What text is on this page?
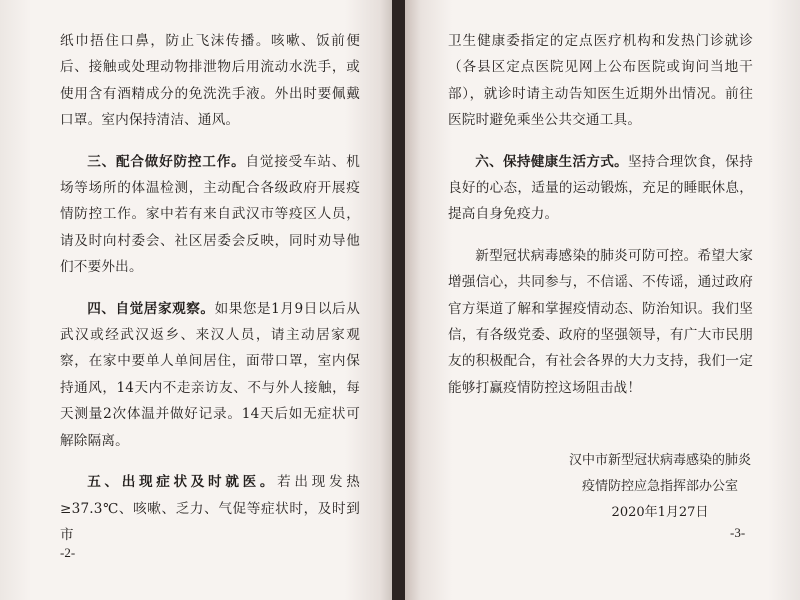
纸巾捂住口鼻，防止飞沫传播。咳嗽、饭前便后、接触或处理动物排泄物后用流动水洗手，或使用含有酒精成分的免洗洗手液。外出时要佩戴口罩。室内保持清洁、通风。

三、配合做好防控工作。自觉接受车站、机场等场所的体温检测，主动配合各级政府开展疫情防控工作。家中若有来自武汉市等疫区人员，请及时向村委会、社区居委会反映，同时劝导他们不要外出。

四、自觉居家观察。如果您是1月9日以后从武汉或经武汉返乡、来汉人员，请主动居家观察，在家中要单人单间居住，面带口罩，室内保持通风，14天内不走亲访友、不与外人接触，每天测量2次体温并做好记录。14天后如无症状可解除隔离。

五、出现症状及时就医。若出现发热≥37.3℃、咳嗽、乏力、气促等症状时，及时到市

-2-

卫生健康委指定的定点医疗机构和发热门诊就诊（各县区定点医院见网上公布医院或询问当地干部），就诊时请主动告知医生近期外出情况。前往医院时避免乘坐公共交通工具。

六、保持健康生活方式。坚持合理饮食，保持良好的心态，适量的运动锻炼，充足的睡眠休息，提高自身免疫力。

新型冠状病毒感染的肺炎可防可控。希望大家增强信心，共同参与，不信谣、不传谣，通过政府官方渠道了解和掌握疫情动态、防治知识。我们坚信，有各级党委、政府的坚强领导，有广大市民朋友的积极配合，有社会各界的大力支持，我们一定能够打赢疫情防控这场阻击战！

汉中市新型冠状病毒感染的肺炎
疫情防控应急指挥部办公室
2020年1月27日
-3-
